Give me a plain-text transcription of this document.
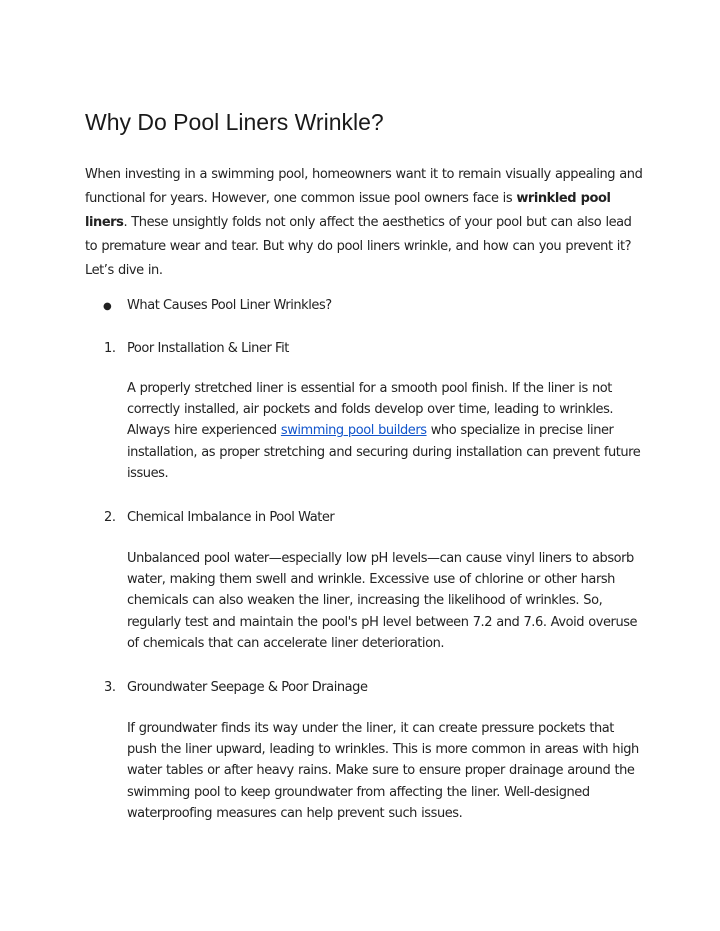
Why Do Pool Liners Wrinkle?

When investing in a swimming pool, homeowners want it to remain visually appealing and functional for years. However, one common issue pool owners face is wrinkled pool liners. These unsightly folds not only affect the aesthetics of your pool but can also lead to premature wear and tear. But why do pool liners wrinkle, and how can you prevent it? Let’s dive in.

● What Causes Pool Liner Wrinkles?
1. Poor Installation & Liner Fit

A properly stretched liner is essential for a smooth pool finish. If the liner is not correctly installed, air pockets and folds develop over time, leading to wrinkles. Always hire experienced swimming pool builders who specialize in precise liner installation, as proper stretching and securing during installation can prevent future issues.

2. Chemical Imbalance in Pool Water

Unbalanced pool water—especially low pH levels—can cause vinyl liners to absorb water, making them swell and wrinkle. Excessive use of chlorine or other harsh chemicals can also weaken the liner, increasing the likelihood of wrinkles. So, regularly test and maintain the pool's pH level between 7.2 and 7.6. Avoid overuse of chemicals that can accelerate liner deterioration.

3. Groundwater Seepage & Poor Drainage

If groundwater finds its way under the liner, it can create pressure pockets that push the liner upward, leading to wrinkles. This is more common in areas with high water tables or after heavy rains. Make sure to ensure proper drainage around the swimming pool to keep groundwater from affecting the liner. Well-designed waterproofing measures can help prevent such issues.
